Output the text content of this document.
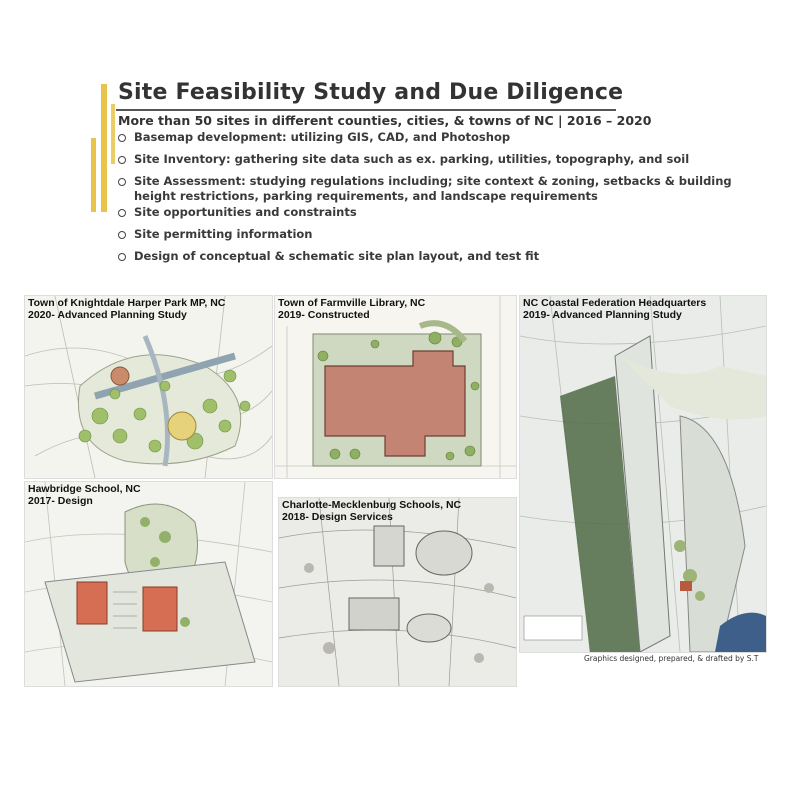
Site Feasibility Study and Due Diligence
More than 50 sites in different counties, cities, & towns of NC | 2016 – 2020
Basemap development: utilizing GIS, CAD, and Photoshop
Site Inventory: gathering site data such as ex. parking, utilities, topography, and soil
Site Assessment: studying regulations including; site context & zoning, setbacks & building
height restrictions, parking requirements, and landscape requirements
Site opportunities and constraints
Site permitting information
Design of conceptual & schematic site plan layout, and test fit
Town of Knightdale Harper Park MP, NC
2020- Advanced Planning Study
Town of Farmville Library, NC
2019- Constructed
NC Coastal Federation Headquarters
2019- Advanced Planning Study
Hawbridge School, NC
2017- Design	Charlotte-Mecklenburg Schools, NC
2018- Design Services
Graphics designed, prepared, & drafted by S.T
